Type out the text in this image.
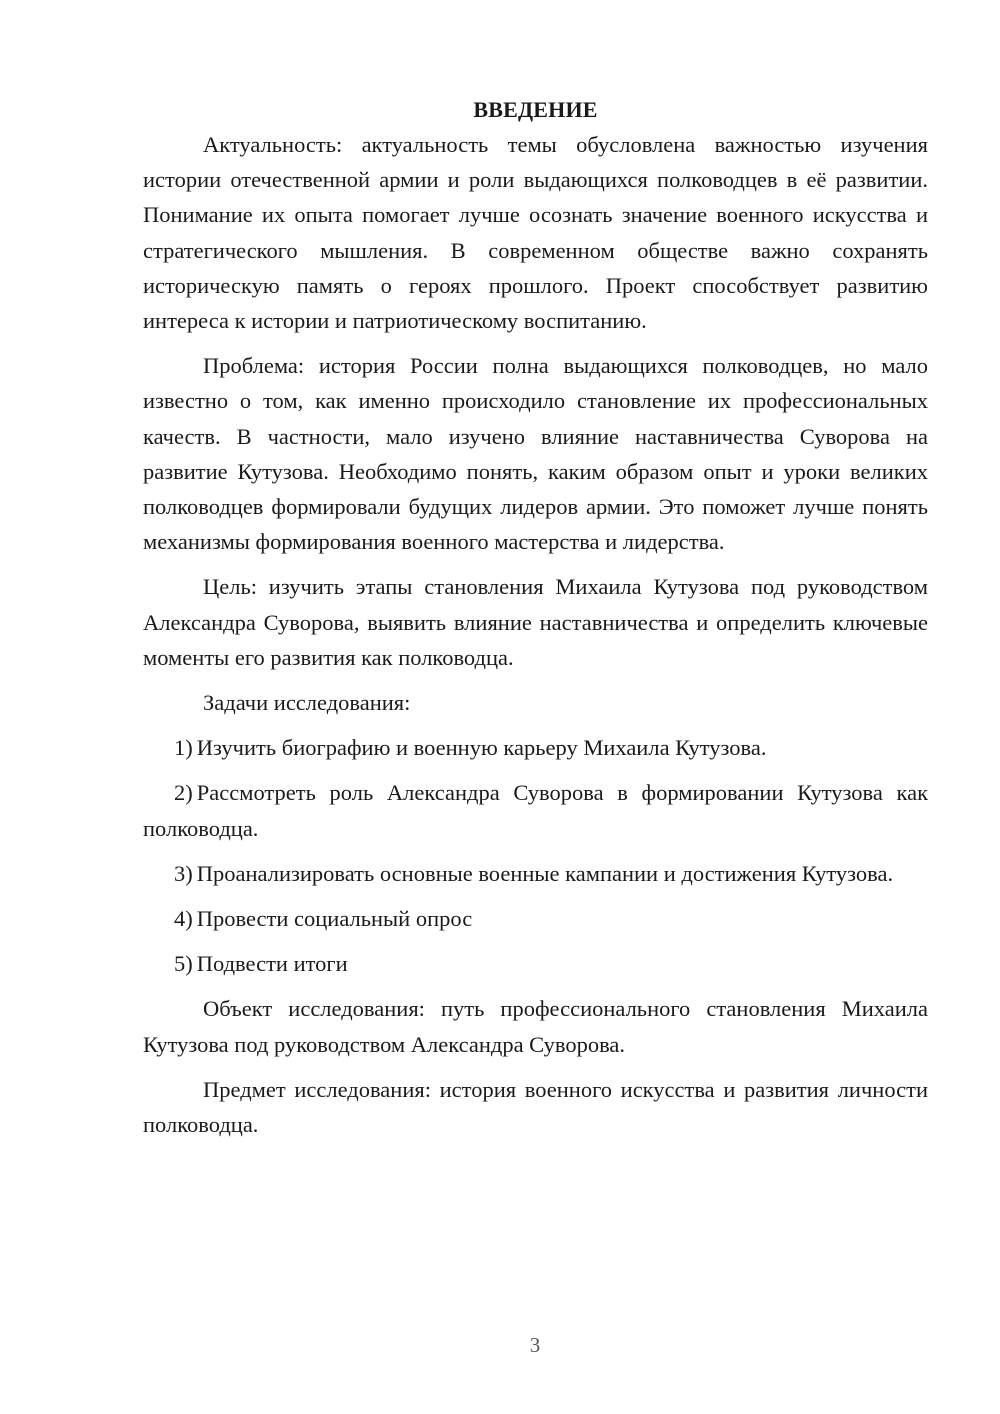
ВВЕДЕНИЕ

Актуальность: актуальность темы обусловлена важностью изучения истории отечественной армии и роли выдающихся полководцев в её развитии. Понимание их опыта помогает лучше осознать значение военного искусства и стратегического мышления. В современном обществе важно сохранять историческую память о героях прошлого. Проект способствует развитию интереса к истории и патриотическому воспитанию.

Проблема: история России полна выдающихся полководцев, но мало известно о том, как именно происходило становление их профессиональных качеств. В частности, мало изучено влияние наставничества Суворова на развитие Кутузова. Необходимо понять, каким образом опыт и уроки великих полководцев формировали будущих лидеров армии. Это поможет лучше понять механизмы формирования военного мастерства и лидерства.

Цель: изучить этапы становления Михаила Кутузова под руководством Александра Суворова, выявить влияние наставничества и определить ключевые моменты его развития как полководца.

Задачи исследования:

1) Изучить биографию и военную карьеру Михаила Кутузова.

2) Рассмотреть роль Александра Суворова в формировании Кутузова как полководца.

3) Проанализировать основные военные кампании и достижения Кутузова.

4) Провести социальный опрос

5) Подвести итоги

Объект исследования: путь профессионального становления Михаила Кутузова под руководством Александра Суворова.

Предмет исследования: история военного искусства и развития личности полководца.

3
